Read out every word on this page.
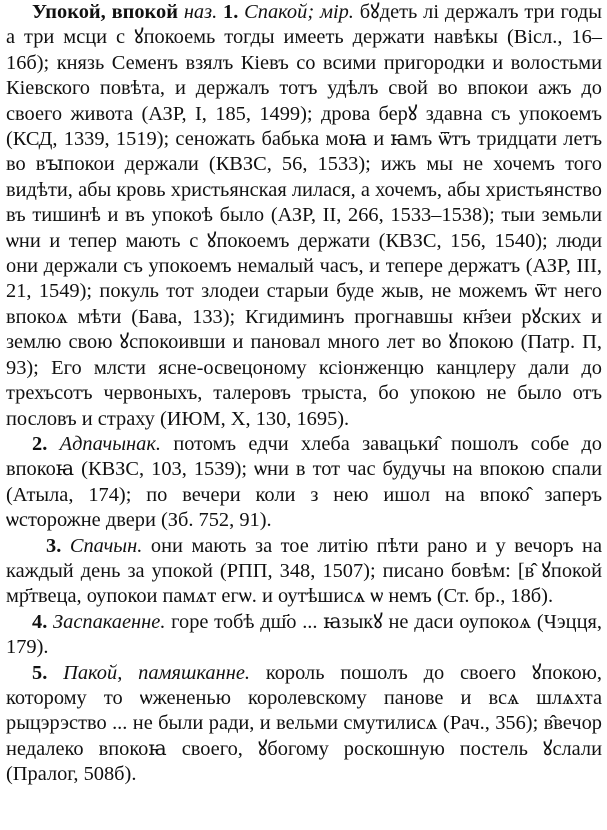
Упокой, впокой наз. 1. Спакой; мір. бꙋдеть лі держалъ три годы а три мсци с ꙋпокоемь тогды имееть держати навѣкы (Вісл., 16–16б); князь Семенъ взялъ Кіевъ со всими пригородки и волостьми Кіевского повѣта, и держалъ тотъ удѣлъ свой во впокои ажъ до своего живота (АЗР, І, 185, 1499); дрова берꙋ здавна съ упокоемъ (КСД, 1339, 1519); сеножать бабька моꙗ и ꙗмъ ѿтъ тридцати летъ во вꙑпокои держали (КВЗС, 56, 1533); ижъ мы не хочемъ того видѣти, абы кровь христьянская лилася, а хочемъ, абы христьянство въ тишинѣ и въ упокоѣ было (АЗР, ІІ, 266, 1533–1538); тыи земьли ѡни и тепер мають с ꙋпокоемъ держати (КВЗС, 156, 1540); люди они держали съ упокоемъ немалый часъ, и тепере держатъ (АЗР, ІІІ, 21, 1549); покуль тот злодеи старыи буде жыв, не можемъ ѿт него впокоѧ мѣти (Бава, 133); Кгидиминъ прогнавшы кн҃зеи рꙋских и землю свою ꙋспокоивши и пановал много лет во ꙋпокою (Патр. П, 93); Его млсти ясне-освецоному ксіонженцю канцлеру дали до трехъсотъ червоныхъ, талеровъ трыста, бо упокою не было отъ пословъ и страху (ИЮМ, X, 130, 1695).

2. Адпачынак. потомъ едчи хлеба завацьки̂ пошолъ собе до впокоꙗ (КВЗС, 103, 1539); ѡни в тот час будучы на впокою спали (Атыла, 174); по вечери коли з нею ишол на впоко̂ заперъ ѡсторожне двери (Зб. 752, 91).

3. Спачын. они мають за тое литію пѣти рано и у вечоръ на каждый день за упокой (РПП, 348, 1507); писано бовѣм: [в̂ ꙋпокой мр҃твеца, оупокои памѧт егѡ. и оутѣшисѧ ѡ немъ (Ст. бр., 18б).

4. Заспакаенне. горе тобѣ дш҃о ... ꙗзыкꙋ не даси оупокоѧ (Чэцця, 179).

5. Пакой, памяшканне. король пошолъ до своего ꙋпокою, которому то ѡжененью королевскому панове и всѧ шлѧхта рыцэрэство ... не были ради, и вельми смутилисѧ (Рач., 356); в̂вечор недалеко впокоꙗ своего, ꙋбогому роскошную постель ꙋслали (Пралог, 508б).
